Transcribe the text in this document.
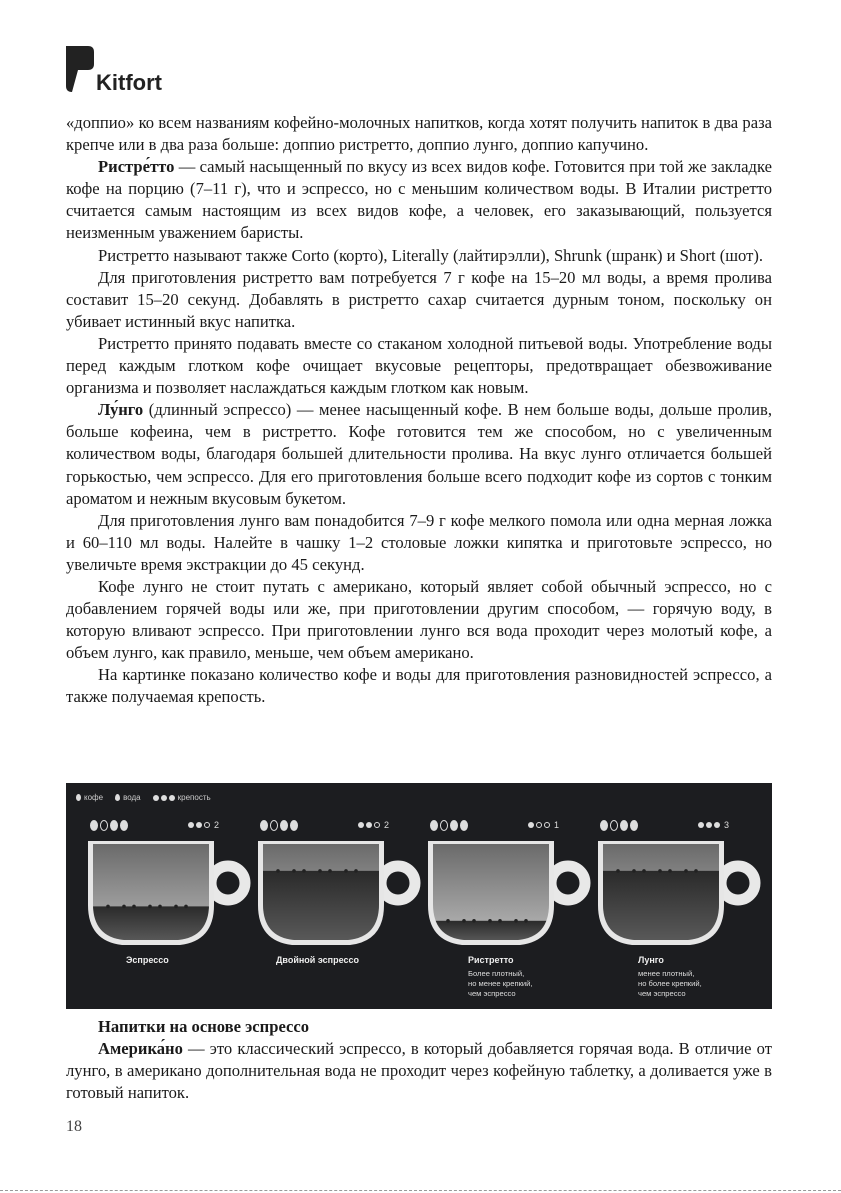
Kitfort

«доппио» ко всем названиям кофейно-молочных напитков, когда хотят получить напиток в два раза крепче или в два раза больше: доппио ристретто, доппио лунго, доппио капучино.

Ристре́тто — самый насыщенный по вкусу из всех видов кофе. Готовится при той же закладке кофе на порцию (7–11 г), что и эспрессо, но с меньшим количеством воды. В Италии ристретто считается самым настоящим из всех видов кофе, а человек, его заказывающий, пользуется неизменным уважением баристы.

Ристретто называют также Corto (корто), Literally (лайтирэлли), Shrunk (шранк) и Short (шот).

Для приготовления ристретто вам потребуется 7 г кофе на 15–20 мл воды, а время пролива составит 15–20 секунд. Добавлять в ристретто сахар считается дурным тоном, поскольку он убивает истинный вкус напитка.

Ристретто принято подавать вместе со стаканом холодной питьевой воды. Употребление воды перед каждым глотком кофе очищает вкусовые рецепторы, предотвращает обезвоживание организма и позволяет наслаждаться каждым глотком как новым.

Лу́нго (длинный эспрессо) — менее насыщенный кофе. В нем больше воды, дольше пролив, больше кофеина, чем в ристретто. Кофе готовится тем же способом, но с увеличенным количеством воды, благодаря большей длительности пролива. На вкус лунго отличается большей горькостью, чем эспрессо. Для его приготовления больше всего подходит кофе из сортов с тонким ароматом и нежным вкусовым букетом.

Для приготовления лунго вам понадобится 7–9 г кофе мелкого помола или одна мерная ложка и 60–110 мл воды. Налейте в чашку 1–2 столовые ложки кипятка и приготовьте эспрессо, но увеличьте время экстракции до 45 секунд.

Кофе лунго не стоит путать с американо, который являет собой обычный эспрессо, но с добавлением горячей воды или же, при приготовлении другим способом, — горячую воду, в которую вливают эспрессо. При приготовлении лунго вся вода проходит через молотый кофе, а объем лунго, как правило, меньше, чем объем американо.

На картинке показано количество кофе и воды для приготовления разновидностей эспрессо, а также получаемая крепость.

кофе	вода	крепость
2
Эспрессо
2
Двойной эспрессо
1
Ристретто
Более плотный,
но менее крепкий,
чем эспрессо
3
Лунго
менее плотный,
но более крепкий,
чем эспрессо

Напитки на основе эспрессо

Америка́но — это классический эспрессо, в который добавляется горячая вода. В отличие от лунго, в американо дополнительная вода не проходит через кофейную таблетку, а доливается уже в готовый напиток.

18
